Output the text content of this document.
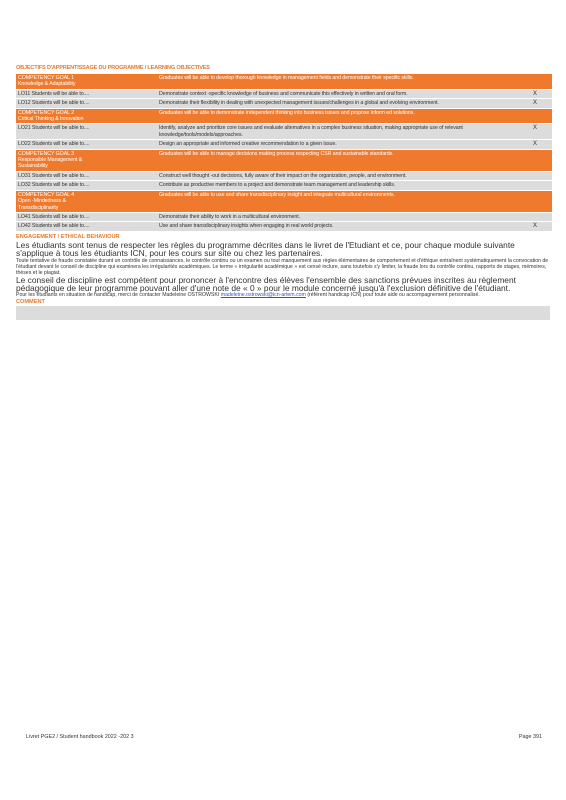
OBJECTIFS D'APPRENTISSAGE DU PROGRAMME / LEARNING OBJECTIVES
COMPETENCY GOAL 1
Knowledge & Adaptability	Graduates will be able to develop thorough knowledge in management fields and demonstrate their specific skills.	
LO11 Students will be able to....	Demonstrate context -specific knowledge of business and communicate this effectively in written and oral form.	X
LO12 Students will be able to....	Demonstrate their flexibility in dealing with unexpected management issues/challenges in a global and evolving environment.	X
COMPETENCY GOAL 2
Critical Thinking & Innovation	Graduates will be able to demonstrate independent thinking into business issues and propose inform ed solutions.	
LO21 Students will be able to....	Identify, analyze and prioritize core issues and evaluate alternatives in a complex business situation, making appropriate use of relevant knowledge/tools/models/approaches.	X
LO22 Students will be able to....	Design an appropriate and informed creative recommendation to a given issue.	X
COMPETENCY GOAL 3
Responsible Management &
Sustainability	Graduates will be able to manage decisions making process respecting CSR and sustainable standards.	
LO31 Students will be able to....	Construct well thought -out decisions, fully aware of their impact on the organization, people, and environment.	
LO32 Students will be able to....	Contribute as productive members to a project and demonstrate team management and leadership skills.	
COMPETENCY GOAL 4
Open -Mindedness &
Transdisciplinarity	Graduates will be able to use and share transdisciplinary insight and integrate multicultural environments.	
LO41 Students will be able to....	Demonstrate their ability to work in a multicultural environment.	
LO42 Students will be able to....	Use and share transdisciplinary insights when engaging in real world projects.	X
ENGAGEMENT / ETHICAL BEHAVIOUR
Les étudiants sont tenus de respecter les règles du programme décrites dans le livret de l'Etudiant et ce, pour chaque module suivante s'applique à tous les étudiants ICN, pour les cours sur site ou chez les partenaires.
Toute tentative de fraude constatée durant un contrôle de connaissances, le contrôle continu ou un examen ou tout manquement aux règles élémentaires de comportement et d'éthique entraînent systématiquement la convocation de l'étudiant devant le conseil de discipline qui examinera les irrégularités académiques. Le terme « irrégularité académique » est censé inclure, sans toutefois s'y limiter, la fraude lors du contrôle continu, rapports de stages, mémoires, thèses et le plagiat.
Le conseil de discipline est compétent pour prononcer à l'encontre des élèves l'ensemble des sanctions prévues inscrites au règlement pédagogique de leur programme pouvant aller d'une note de « 0 » pour le module concerné jusqu'à l'exclusion définitive de l'étudiant.
Pour les étudiants en situation de handicap, merci de contacter Madeleine OSTROWSKI madeleine.ostrowski@icn-artem.com (référent handicap ICN) pour toute aide ou accompagnement personnalisé.
COMMENT
Livret PGE2 / Student handbook 2022 -202 3	Page 391
